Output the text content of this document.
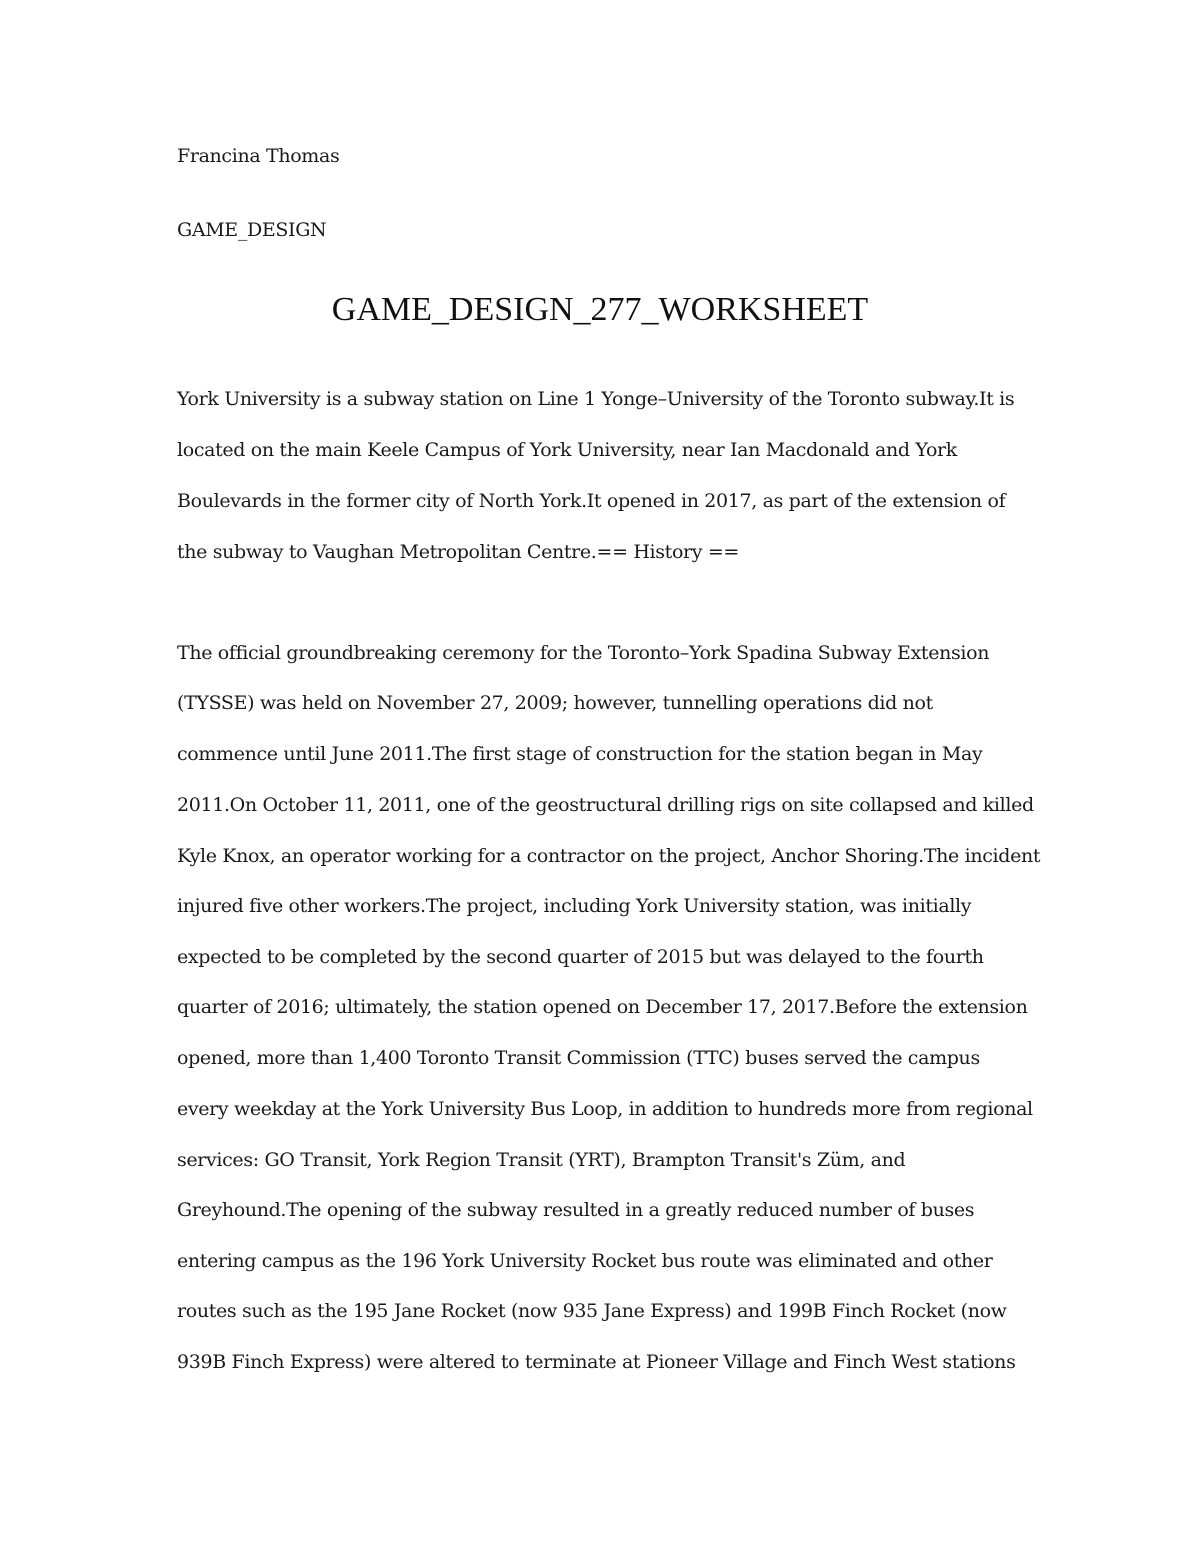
Francina Thomas
GAME_DESIGN
GAME_DESIGN_277_WORKSHEET
York University is a subway station on Line 1 Yonge–University of the Toronto subway.It is
located on the main Keele Campus of York University, near Ian Macdonald and York
Boulevards in the former city of North York.It opened in 2017, as part of the extension of
the subway to Vaughan Metropolitan Centre.== History ==
The official groundbreaking ceremony for the Toronto–York Spadina Subway Extension
(TYSSE) was held on November 27, 2009; however, tunnelling operations did not
commence until June 2011.The first stage of construction for the station began in May
2011.On October 11, 2011, one of the geostructural drilling rigs on site collapsed and killed
Kyle Knox, an operator working for a contractor on the project, Anchor Shoring.The incident
injured five other workers.The project, including York University station, was initially
expected to be completed by the second quarter of 2015 but was delayed to the fourth
quarter of 2016; ultimately, the station opened on December 17, 2017.Before the extension
opened, more than 1,400 Toronto Transit Commission (TTC) buses served the campus
every weekday at the York University Bus Loop, in addition to hundreds more from regional
services: GO Transit, York Region Transit (YRT), Brampton Transit's Züm, and
Greyhound.The opening of the subway resulted in a greatly reduced number of buses
entering campus as the 196 York University Rocket bus route was eliminated and other
routes such as the 195 Jane Rocket (now 935 Jane Express) and 199B Finch Rocket (now
939B Finch Express) were altered to terminate at Pioneer Village and Finch West stations
